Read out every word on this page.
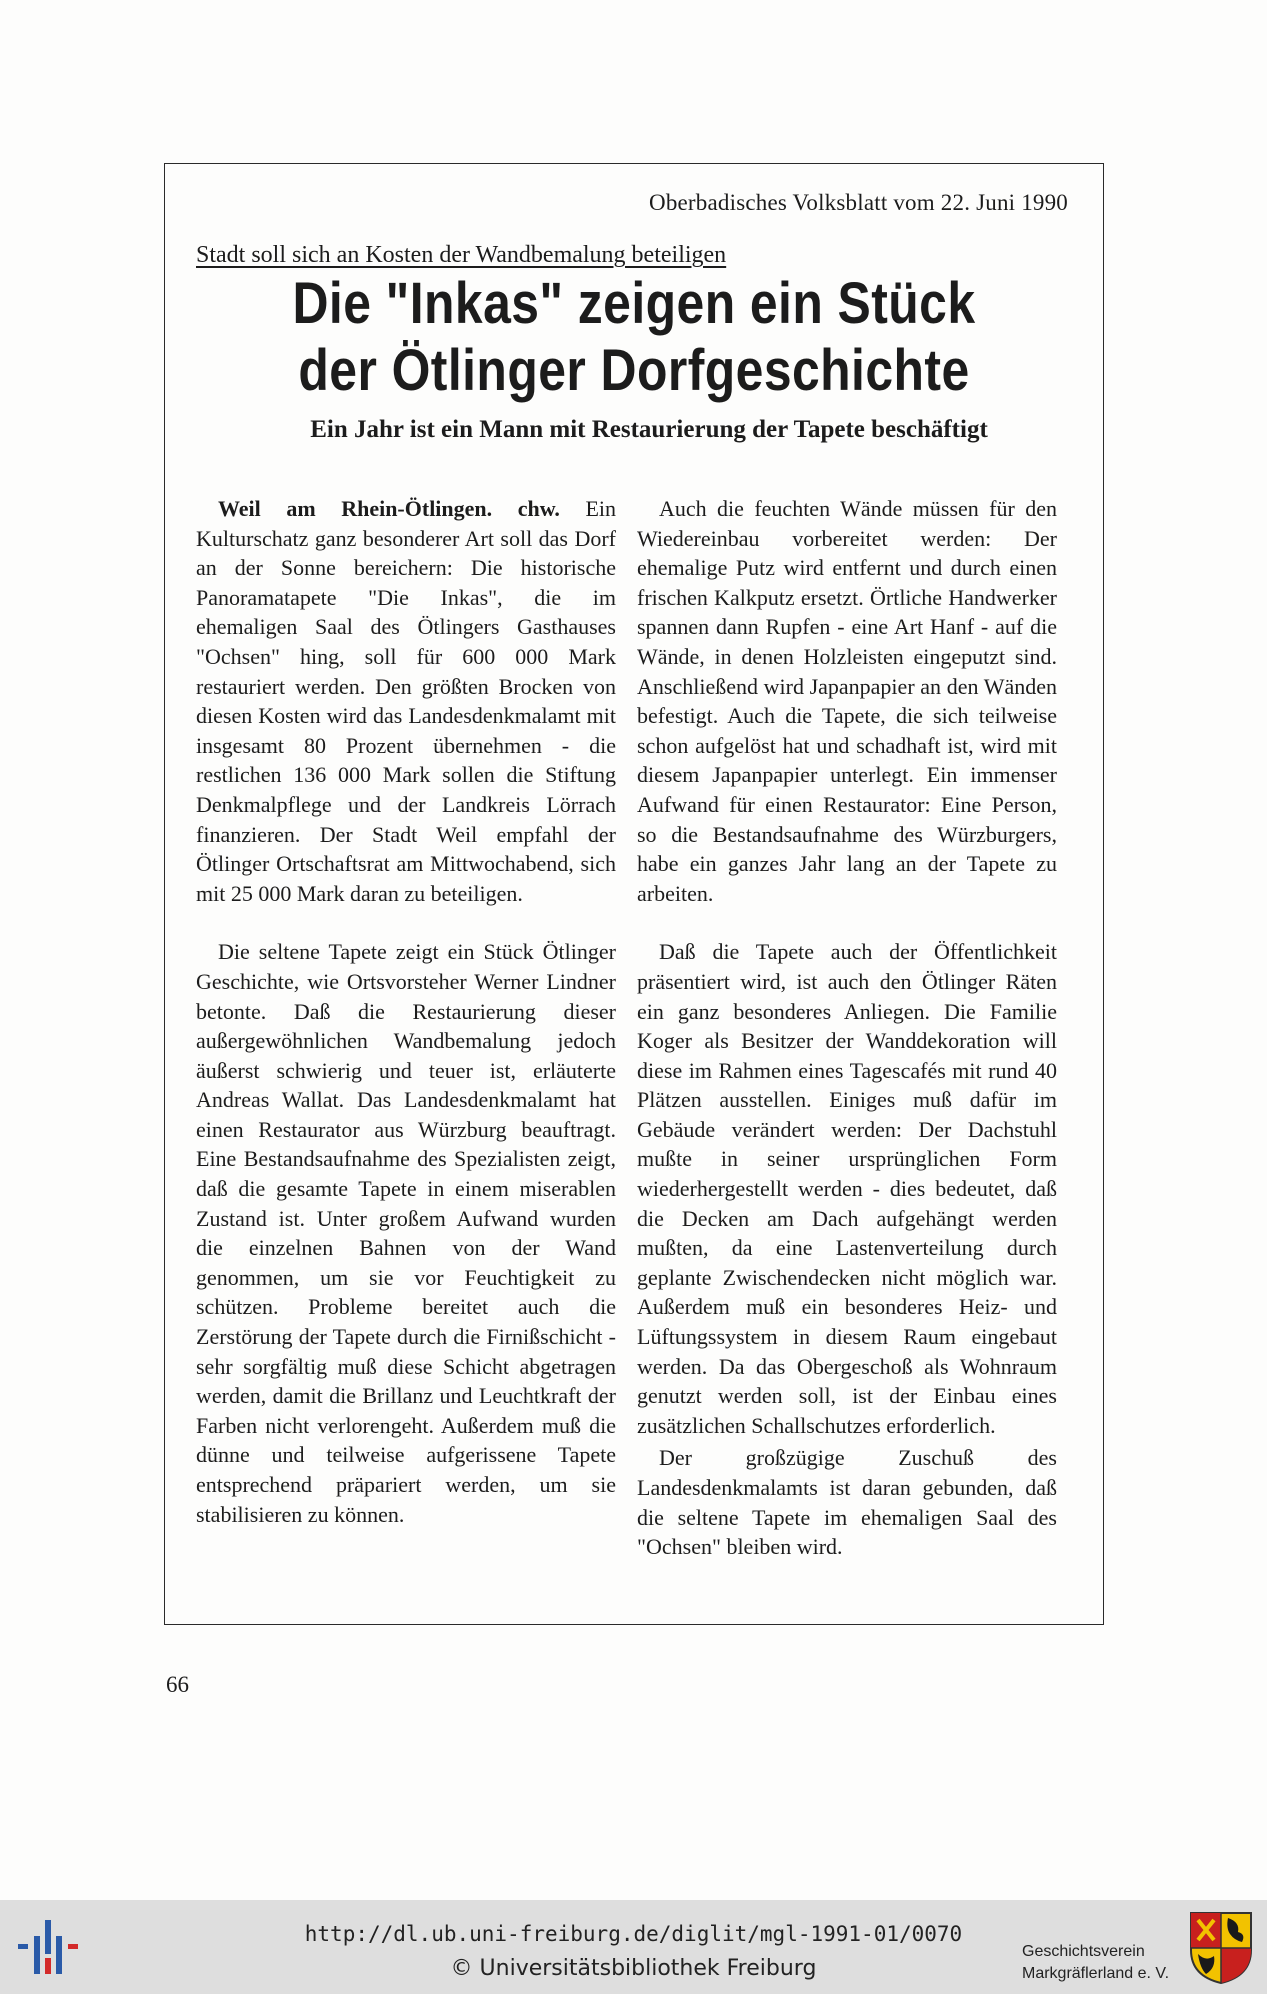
Oberbadisches Volksblatt vom 22. Juni 1990
Stadt soll sich an Kosten der Wandbemalung beteiligen
Die "Inkas" zeigen ein Stück
der Ötlinger Dorfgeschichte
Ein Jahr ist ein Mann mit Restaurierung der Tapete beschäftigt

Weil am Rhein-Ötlingen. chw. Ein Kulturschatz ganz besonderer Art soll das Dorf an der Sonne bereichern: Die historische Panoramatapete "Die Inkas", die im ehemaligen Saal des Ötlingers Gasthauses "Ochsen" hing, soll für 600 000 Mark restauriert werden. Den größten Brocken von diesen Kosten wird das Landesdenkmalamt mit insgesamt 80 Prozent übernehmen - die restlichen 136 000 Mark sollen die Stiftung Denkmalpflege und der Landkreis Lörrach finanzieren. Der Stadt Weil empfahl der Ötlinger Ortschaftsrat am Mittwochabend, sich mit 25 000 Mark daran zu beteiligen.

Die seltene Tapete zeigt ein Stück Ötlinger Geschichte, wie Ortsvorsteher Werner Lindner betonte. Daß die Restaurierung dieser außergewöhnlichen Wandbemalung jedoch äußerst schwierig und teuer ist, erläuterte Andreas Wallat. Das Landesdenkmalamt hat einen Restaurator aus Würzburg beauftragt. Eine Bestandsaufnahme des Spezialisten zeigt, daß die gesamte Tapete in einem miserablen Zustand ist. Unter großem Aufwand wurden die einzelnen Bahnen von der Wand genommen, um sie vor Feuchtigkeit zu schützen. Probleme bereitet auch die Zerstörung der Tapete durch die Firnißschicht - sehr sorgfältig muß diese Schicht abgetragen werden, damit die Brillanz und Leuchtkraft der Farben nicht verlorengeht. Außerdem muß die dünne und teilweise aufgerissene Tapete entsprechend präpariert werden, um sie stabilisieren zu können.

Auch die feuchten Wände müssen für den Wiedereinbau vorbereitet werden: Der ehemalige Putz wird entfernt und durch einen frischen Kalkputz ersetzt. Örtliche Handwerker spannen dann Rupfen - eine Art Hanf - auf die Wände, in denen Holzleisten eingeputzt sind. Anschließend wird Japanpapier an den Wänden befestigt. Auch die Tapete, die sich teilweise schon aufgelöst hat und schadhaft ist, wird mit diesem Japanpapier unterlegt. Ein immenser Aufwand für einen Restaurator: Eine Person, so die Bestandsaufnahme des Würzburgers, habe ein ganzes Jahr lang an der Tapete zu arbeiten.

Daß die Tapete auch der Öffentlichkeit präsentiert wird, ist auch den Ötlinger Räten ein ganz besonderes Anliegen. Die Familie Koger als Besitzer der Wanddekoration will diese im Rahmen eines Tagescafés mit rund 40 Plätzen ausstellen. Einiges muß dafür im Gebäude verändert werden: Der Dachstuhl mußte in seiner ursprünglichen Form wiederhergestellt werden - dies bedeutet, daß die Decken am Dach aufgehängt werden mußten, da eine Lastenverteilung durch geplante Zwischendecken nicht möglich war. Außerdem muß ein besonderes Heiz- und Lüftungssystem in diesem Raum eingebaut werden. Da das Obergeschoß als Wohnraum genutzt werden soll, ist der Einbau eines zusätzlichen Schallschutzes erforderlich.

Der großzügige Zuschuß des Landesdenkmalamts ist daran gebunden, daß die seltene Tapete im ehemaligen Saal des "Ochsen" bleiben wird.

66
http://dl.ub.uni-freiburg.de/diglit/mgl-1991-01/0070
© Universitätsbibliothek Freiburg
Geschichtsverein
Markgräflerland e. V.
